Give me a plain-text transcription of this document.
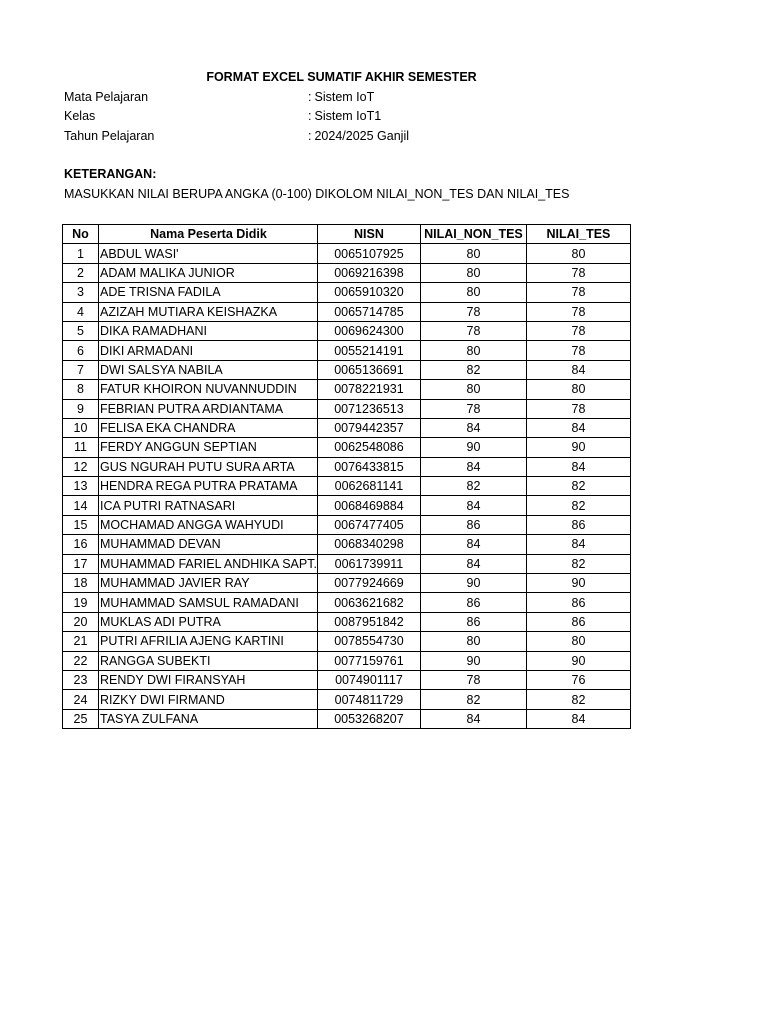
FORMAT EXCEL SUMATIF AKHIR SEMESTER
Mata Pelajaran	: Sistem IoT
Kelas	: Sistem IoT1
Tahun Pelajaran	: 2024/2025 Ganjil
KETERANGAN:
MASUKKAN NILAI BERUPA ANGKA (0-100) DIKOLOM NILAI_NON_TES DAN NILAI_TES
No	Nama Peserta Didik	NISN	NILAI_NON_TES	NILAI_TES
1	ABDUL WASI'	0065107925	80	80
2	ADAM MALIKA JUNIOR	0069216398	80	78
3	ADE TRISNA FADILA	0065910320	80	78
4	AZIZAH MUTIARA KEISHAZKA	0065714785	78	78
5	DIKA RAMADHANI	0069624300	78	78
6	DIKI ARMADANI	0055214191	80	78
7	DWI SALSYA NABILA	0065136691	82	84
8	FATUR KHOIRON NUVANNUDDIN	0078221931	80	80
9	FEBRIAN PUTRA ARDIANTAMA	0071236513	78	78
10	FELISA EKA CHANDRA	0079442357	84	84
11	FERDY ANGGUN SEPTIAN	0062548086	90	90
12	GUS NGURAH PUTU SURA ARTA	0076433815	84	84
13	HENDRA REGA PUTRA PRATAMA	0062681141	82	82
14	ICA PUTRI RATNASARI	0068469884	84	82
15	MOCHAMAD ANGGA WAHYUDI	0067477405	86	86
16	MUHAMMAD DEVAN	0068340298	84	84
17	MUHAMMAD FARIEL ANDHIKA SAPT.	0061739911	84	82
18	MUHAMMAD JAVIER RAY	0077924669	90	90
19	MUHAMMAD SAMSUL RAMADANI	0063621682	86	86
20	MUKLAS ADI PUTRA	0087951842	86	86
21	PUTRI AFRILIA AJENG KARTINI	0078554730	80	80
22	RANGGA SUBEKTI	0077159761	90	90
23	RENDY DWI FIRANSYAH	0074901117	78	76
24	RIZKY DWI FIRMAND	0074811729	82	82
25	TASYA ZULFANA	0053268207	84	84
